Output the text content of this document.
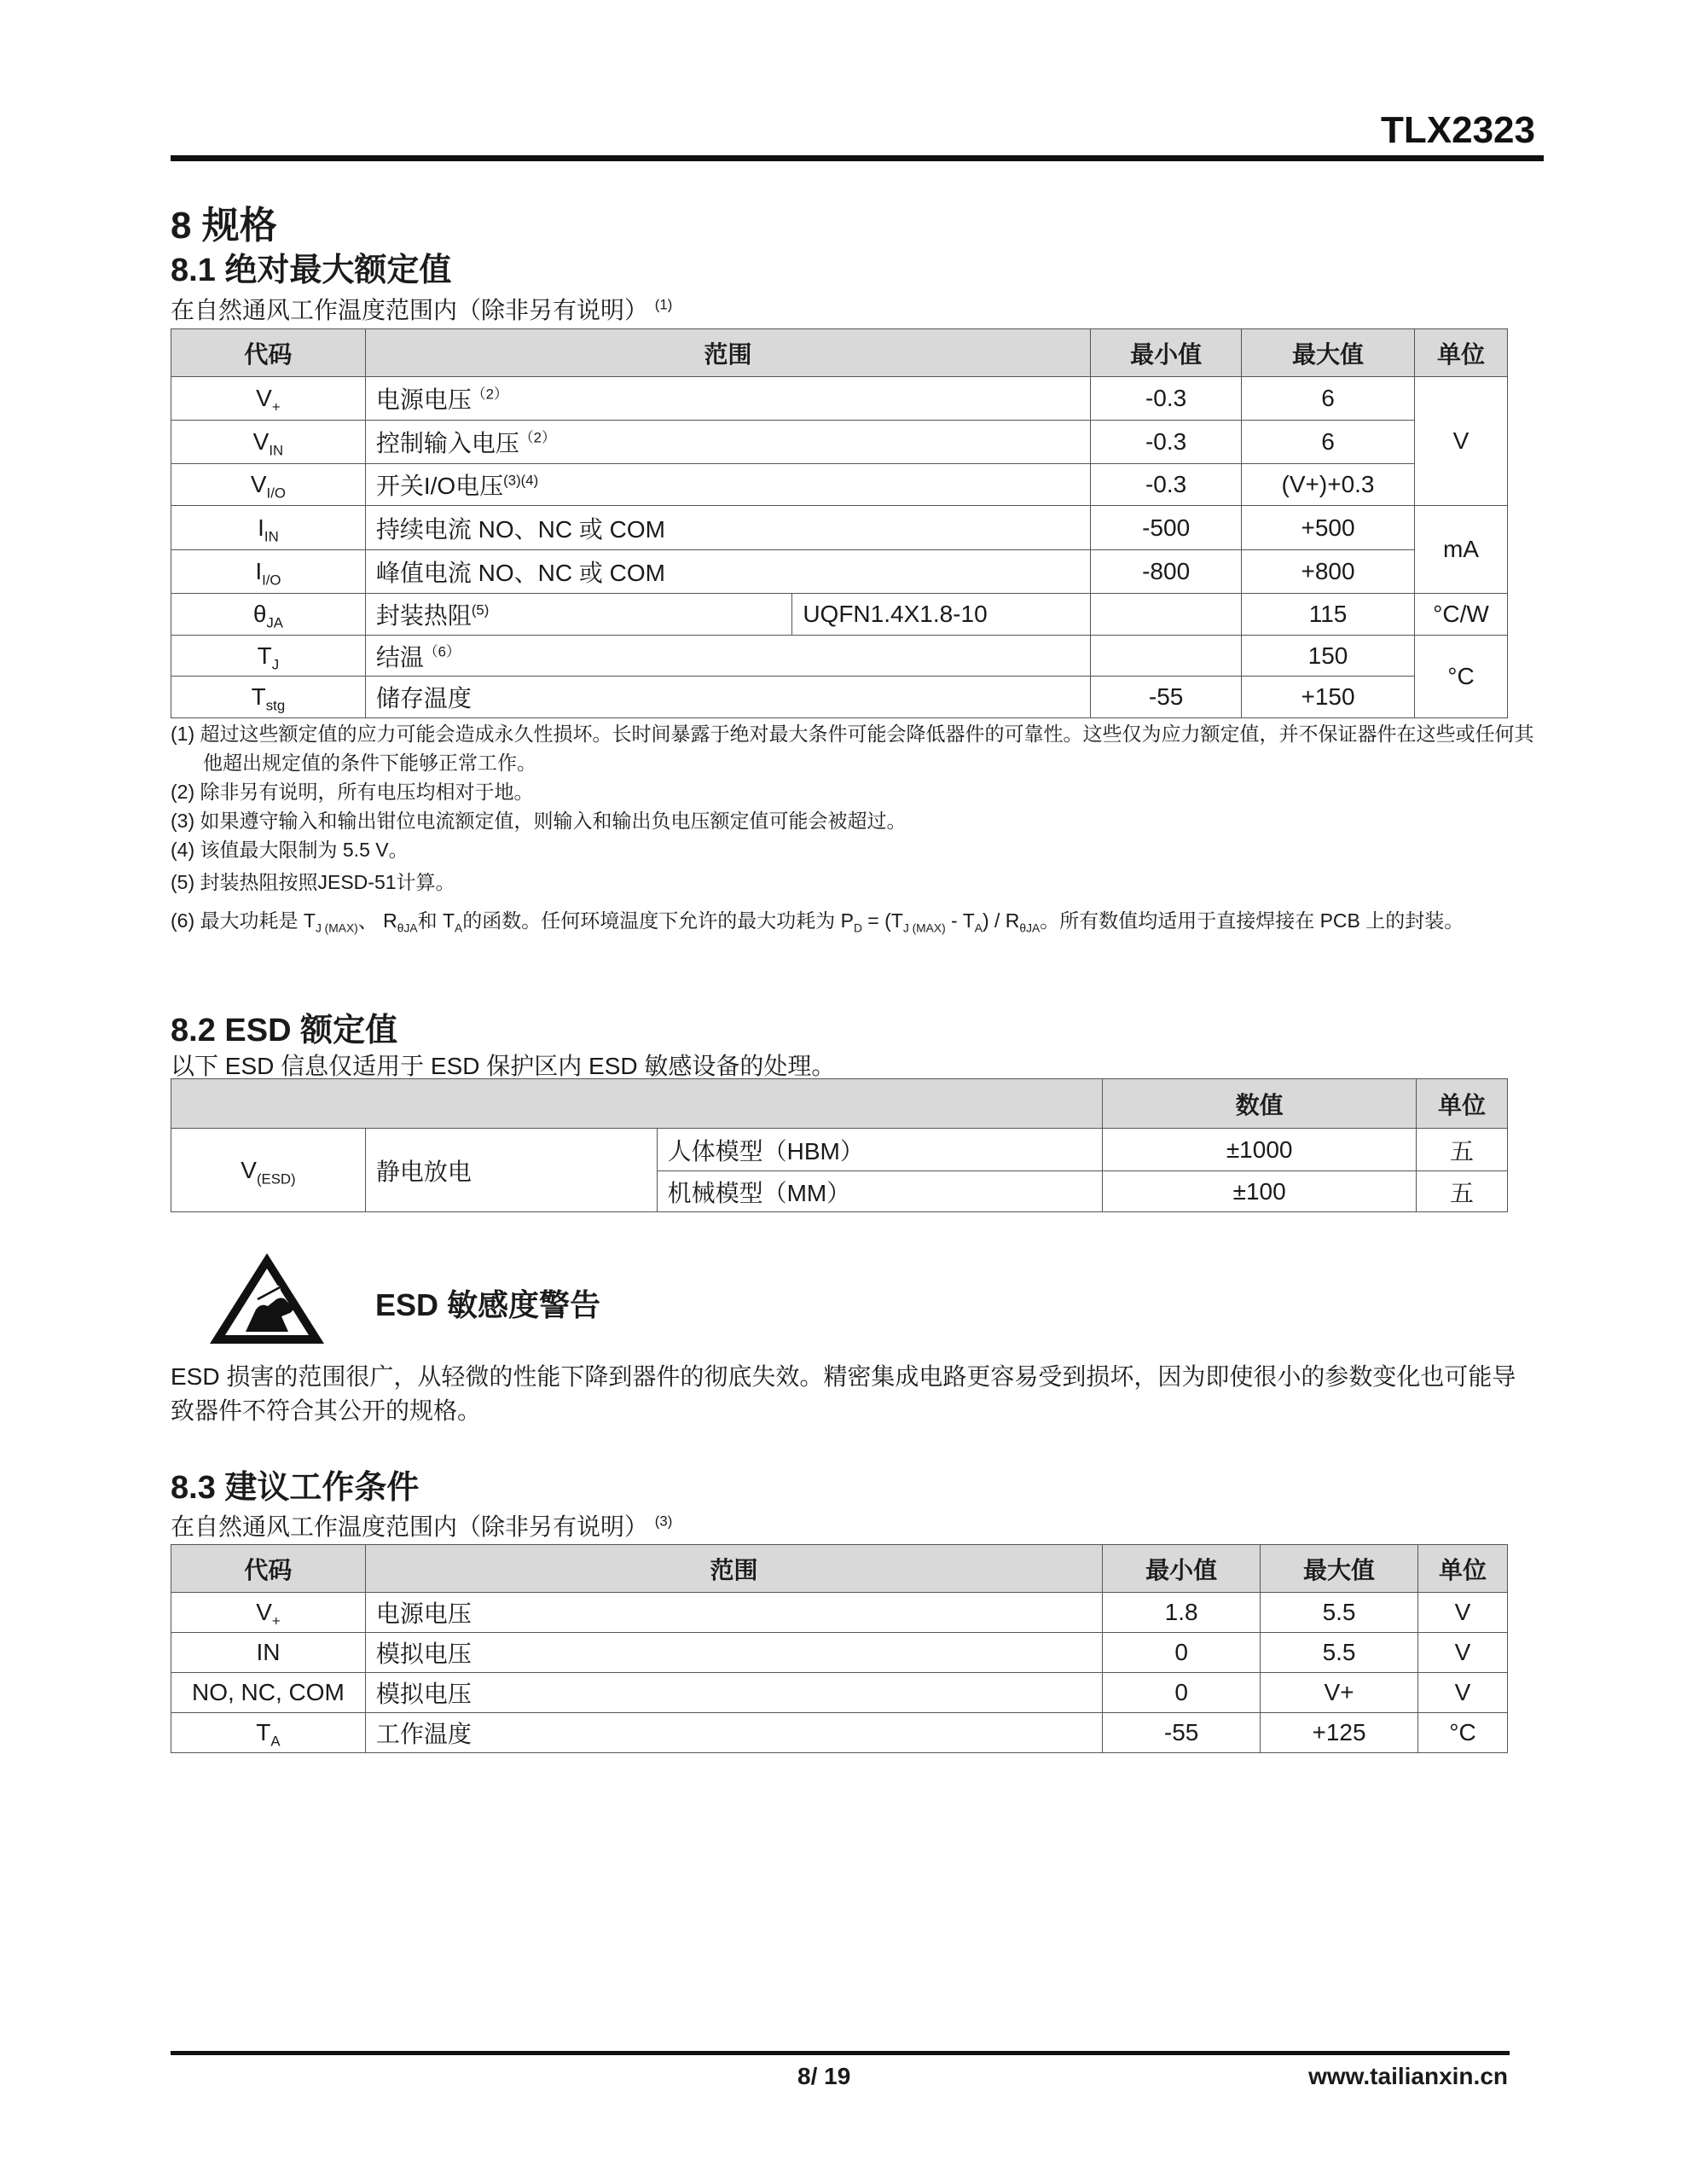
TLX2323
8 规格
8.1 绝对最大额定值
在自然通风工作温度范围内（除非另有说明） $^{(1)}$
代码	范围		最小值	最大值	单位
$V_+$	电源电压$^{(2)}$		-0.3	6	V
$V_{IN}$	控制输入电压$^{(2)}$		-0.3	6	
$V_{I/O}$	开关I/O电压$^{(3)(4)}$		-0.3	(V+)+0.3	
$I_{IN}$	持续电流 NO、NC 或 COM		-500	+500	mA
$I_{I/O}$	峰值电流 NO、NC 或 COM		-800	+800	
$\theta_{JA}$	封装热阻$^{(5)}$	UQFN1.4X1.8-10		115	°C/W
$T_J$	结温$^{(6)}$			150	°C
$T_{stg}$	储存温度		-55	+150	
(1) 超过这些额定值的应力可能会造成永久性损坏。长时间暴露于绝对最大条件可能会降低器件的可靠性。这些仅为应力额定值，并不保证器件在这些或任何其他超出规定值的条件下能够正常工作。
(2) 除非另有说明，所有电压均相对于地。
(3) 如果遵守输入和输出钳位电流额定值，则输入和输出负电压额定值可能会被超过。
(4) 该值最大限制为 5.5 V。
(5) 封装热阻按照JESD-51计算。
(6) 最大功耗是 $T_{J (MAX)}$、 $R_{\theta JA}$和 $T_A$的函数。任何环境温度下允许的最大功耗为 $P_D = (T_{J (MAX)} - T_A) / R_{\theta JA}$。所有数值均适用于直接焊接在 PCB 上的封装。
8.2 ESD 额定值
以下 ESD 信息仅适用于 ESD 保护区内 ESD 敏感设备的处理。
			数值	单位
$V_{(ESD)}$	静电放电	人体模型（HBM）	±1000	五
		机械模型（MM）	±100	五
ESD 敏感度警告
ESD 损害的范围很广，从轻微的性能下降到器件的彻底失效。精密集成电路更容易受到损坏，因为即使很小的参数变化也可能导致器件不符合其公开的规格。
8.3 建议工作条件
在自然通风工作温度范围内（除非另有说明） $^{(3)}$
代码	范围	最小值	最大值	单位
$V_+$	电源电压	1.8	5.5	V
IN	模拟电压	0	5.5	V
NO, NC, COM	模拟电压	0	V+	V
$T_A$	工作温度	-55	+125	°C
8/ 19	www.tailianxin.cn
